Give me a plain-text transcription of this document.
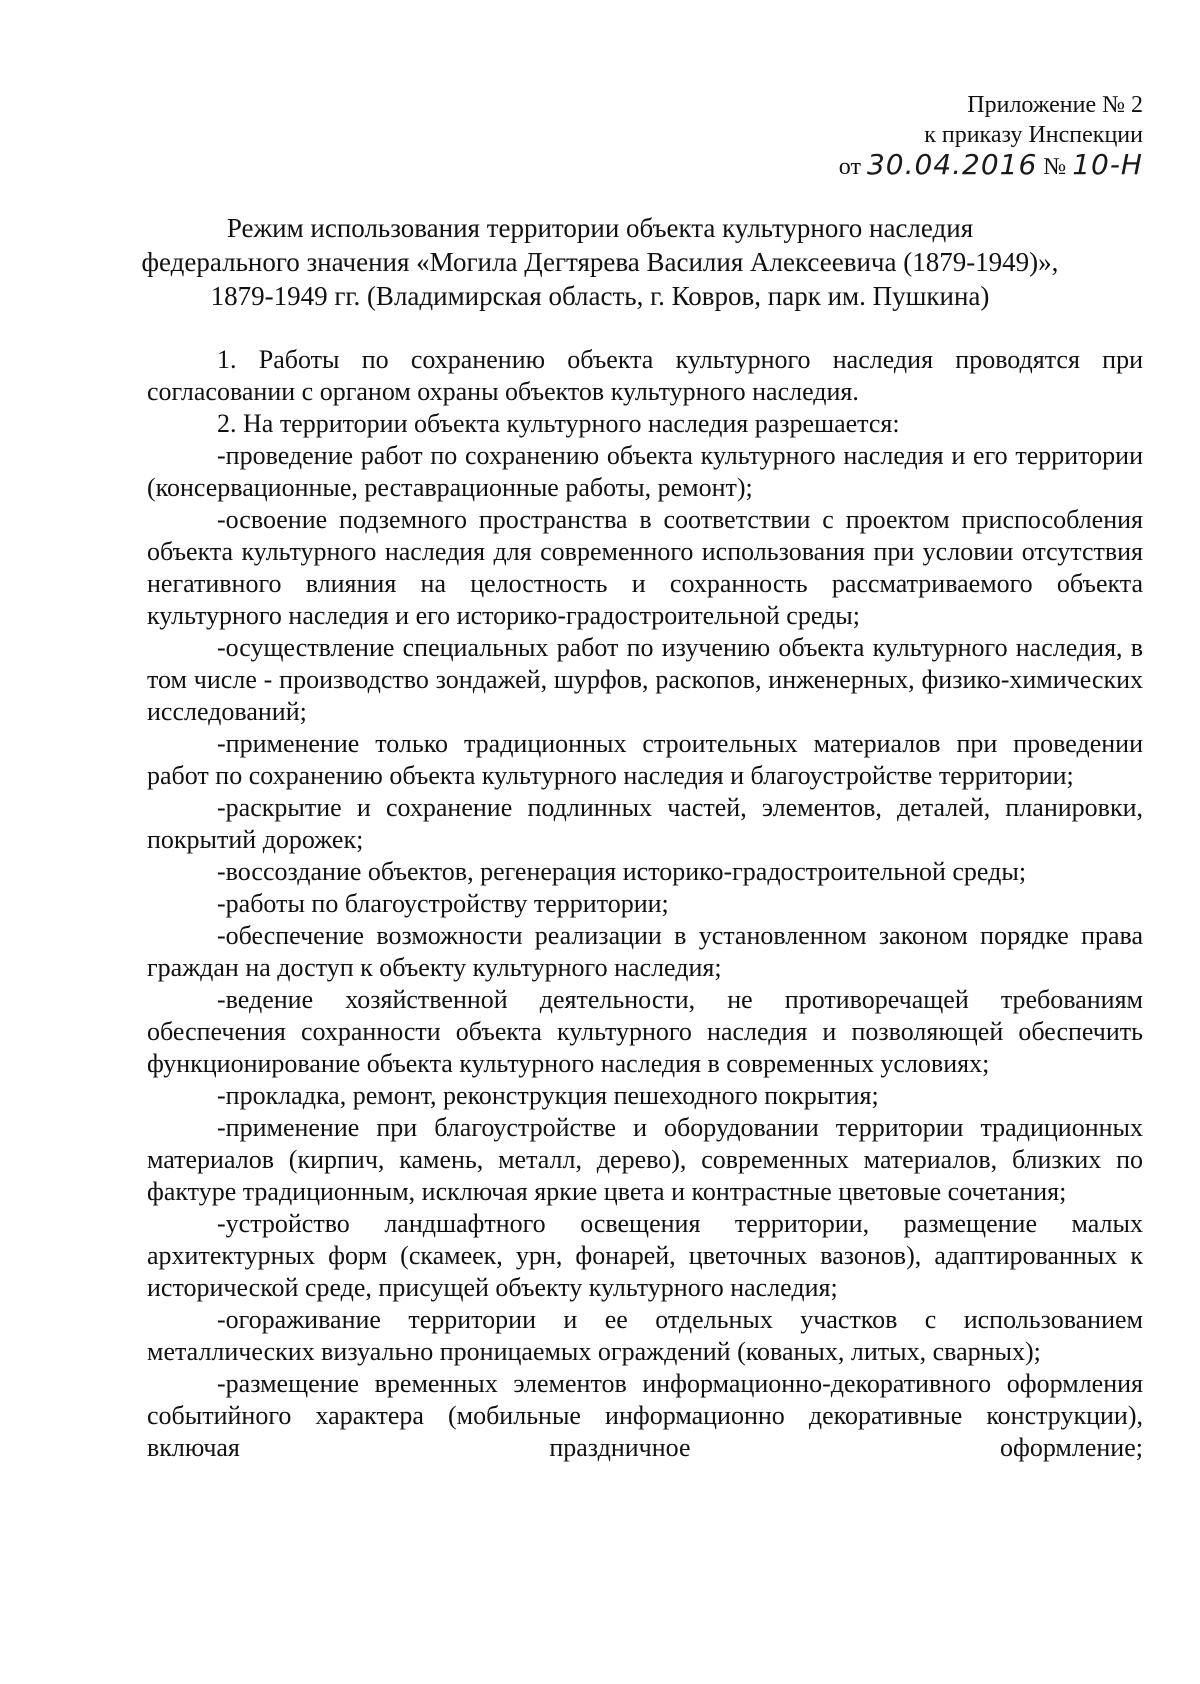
Приложение № 2
к приказу Инспекции
от 30.04.2016 № 10-Н
Режим использования территории объекта культурного наследия
федерального значения «Могила Дегтярева Василия Алексеевича (1879-1949)»,
1879-1949 гг. (Владимирская область, г. Ковров, парк им. Пушкина)

1. Работы по сохранению объекта культурного наследия проводятся при согласовании с органом охраны объектов культурного наследия.

2. На территории объекта культурного наследия разрешается:

-проведение работ по сохранению объекта культурного наследия и его территории (консервационные, реставрационные работы, ремонт);

-освоение подземного пространства в соответствии с проектом приспособления объекта культурного наследия для современного использования при условии отсутствия негативного влияния на целостность и сохранность рассматриваемого объекта культурного наследия и его историко-градостроительной среды;

-осуществление специальных работ по изучению объекта культурного наследия, в том числе - производство зондажей, шурфов, раскопов, инженерных, физико-химических исследований;

-применение только традиционных строительных материалов при проведении работ по сохранению объекта культурного наследия и благоустройстве территории;

-раскрытие и сохранение подлинных частей, элементов, деталей, планировки, покрытий дорожек;

-воссоздание объектов, регенерация историко-градостроительной среды;

-работы по благоустройству территории;

-обеспечение возможности реализации в установленном законом порядке права граждан на доступ к объекту культурного наследия;

-ведение хозяйственной деятельности, не противоречащей требованиям обеспечения сохранности объекта культурного наследия и позволяющей обеспечить функционирование объекта культурного наследия в современных условиях;

-прокладка, ремонт, реконструкция пешеходного покрытия;

-применение при благоустройстве и оборудовании территории традиционных материалов (кирпич, камень, металл, дерево), современных материалов, близких по фактуре традиционным, исключая яркие цвета и контрастные цветовые сочетания;

-устройство ландшафтного освещения территории, размещение малых архитектурных форм (скамеек, урн, фонарей, цветочных вазонов), адаптированных к исторической среде, присущей объекту культурного наследия;

-огораживание территории и ее отдельных участков с использованием металлических визуально проницаемых ограждений (кованых, литых, сварных);

-размещение временных элементов информационно-декоративного оформления событийного характера (мобильные информационно декоративные конструкции), включая праздничное оформление;
